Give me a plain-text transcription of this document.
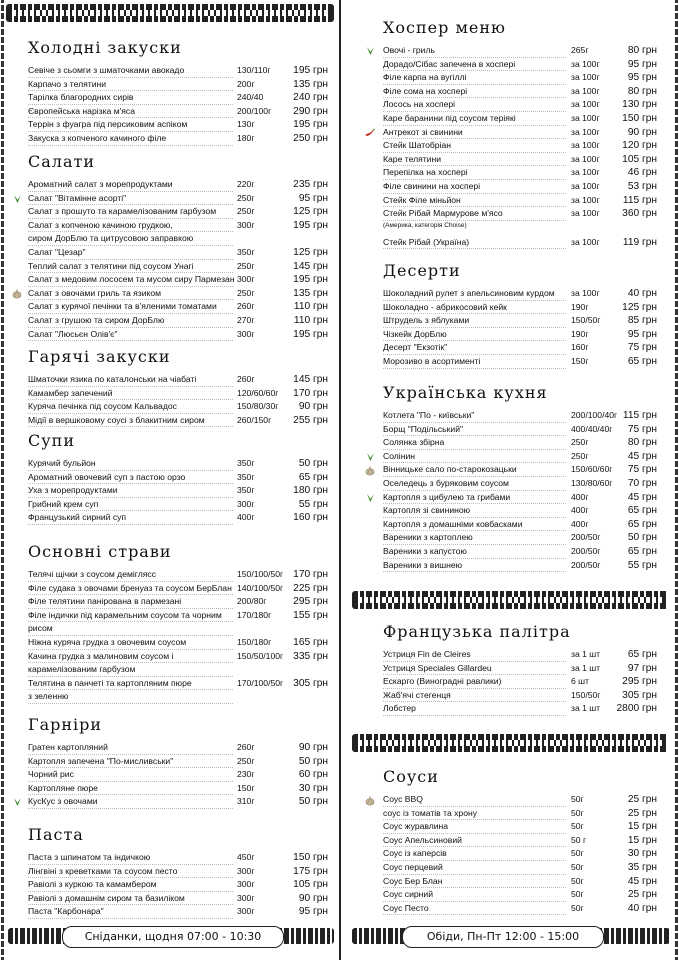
Холодні закуски
Севіче з сьомги з шматочками авокадо	130/110г 195 грн
Карпачо з телятини	200г	135 грн
Тарілка благородних сирів	240/40	240 грн
Європейська нарізка м'яса	200/100г 290 грн
Террін з фуагра під персиковим аспіком	130г	195 грн
Закуска з копченого качиного філе	180г	250 грн
Салати
Ароматний салат з морепродуктами	220г	235 грн
Салат "Вітамінне асорті"	250г	95 грн
Салат з прошуто та карамелізованим гарбузом	250г	125 грн
Салат з копченою качиною грудкою,	300г	195 грн
сиром ДорБлю та цитрусовою заправкою
Салат "Цезар"	350г	125 грн
Теплий салат з телятини під соусом Унагі	250г	145 грн
Салат з медовим лососем та мусом сиру Пармезан 300г	195 грн
Салат з овочами гриль та язиком	250г	135 грн
Салат з курячої печінки та в'яленими томатами	260г	110 грн
Салат з грушою та сиром ДорБлю	270г	110 грн
Салат "Люсьєн Олів'є"	300г	195 грн
Гарячі закуски
Шматочки язика по каталонськи на чіабаті	260г	145 грн
Камамбер запечений	120/60/60г 170 грн
Куряча печінка під соусом Кальвадос	150/80/30г 90 грн
Мідії в вершковому соусі з блакитним сиром	260/150г 255 грн
Супи
Курячий бульйон	350г	50 грн
Ароматний овочевий суп з пастою орзо	350г	65 грн
Уха з морепродуктами	350г	180 грн
Грибний крем суп	300г	55 грн
Французький сирний суп	400г	160 грн
Основні страви
Телячі щічки з соусом деміглясс	150/100/50г 170 грн
Філе судака з овочами бренуаз та соусом БерБлан 140/100/50г 225 грн
Філе телятини панірована в пармезані	200/80г	295 грн
Філе індички під карамельним соусом та чорним	170/180г 155 грн
рисом
Ніжна куряча грудка з овочевим соусом	150/180г 165 грн
Качина грудка з малиновим соусом і	150/50/100г 335 грн
карамелізованим гарбузом
Телятина в панчеті та картопляним пюре	170/100/50г 305 грн
з зеленню
Гарніри
Гратен картопляний	260г	90 грн
Картопля запечена "По-мисливськи"	250г	50 грн
Чорний рис	230г	60 грн
Картопляне пюре	150г	30 грн
КусКус з овочами	310г	50 грн
Паста
Паста з шпинатом та індичкою	450г	150 грн
Лінгвіні з креветками та соусом песто	300г	175 грн
Равіолі з куркою та камамбером	300г	105 грн
Равіолі з домашнім сиром та базиліком	300г	90 грн
Паста "Карбонара"	300г	95 грн
Хоспер меню
Овочі - гриль	265г	80 грн
Дорадо/Сібас запечена в хоспері	за 100г	95 грн
Філе карпа на вугіллі	за 100г	95 грн
Філе сома на хоспері	за 100г	80 грн
Лосось на хоспері	за 100г 130 грн
Каре баранини під соусом теріякі	за 100г 150 грн
Антрекот зі свинини	за 100г	90 грн
Стейк Шатобріан	за 100г 120 грн
Каре телятини	за 100г 105 грн
Перепілка на хоспері	за 100г	46 грн
Філе свинини на хоспері	за 100г	53 грн
Стейк Філе міньйон	за 100г 115 грн
Стейк Рібай Мармурове м'ясо	за 100г 360 грн
(Америка, категорія Choise)
Стейк Рібай (Україна)	за 100г 119 грн
Десерти
Шоколадний рулет з апельсиновим курдом	за 100г	40 грн
Шоколадно - абрикосовий кейк	190г	125 грн
Штрудель з яблуками	150/50г	85 грн
Чізкейк ДорБлю	190г	95 грн
Десерт "Екзотік"	160г	75 грн
Морозиво в асортименті	150г	65 грн
Українська кухня
Котлета "По - київськи"	200/100/40г 115 грн
Борщ "Подільський"	400/40/40г 75 грн
Солянка збірна	250г	80 грн
Солінин	250г	45 грн
Вінницьке сало по-старокозацьки	150/60/60г 75 грн
Оселедець з буряковим соусом	130/80/60г 70 грн
Картопля з цибулею та грибами	400г	45 грн
Картопля зі свининою	400г	65 грн
Картопля з домашніми ковбасками	400г	65 грн
Вареники з картоплею	200/50г	50 грн
Вареники з капустою	200/50г	65 грн
Вареники з вишнею	200/50г	55 грн
Французька палітра
Устриця Fin de Cleires	за 1 шт	65 грн
Устриця Speciales Gillardeu	за 1 шт	97 грн
Ескарго (Виноградні равлики)	6 шт	295 грн
Жаб'ячі стегенця	150/50г 305 грн
Лобстер	за 1 шт 2800 грн
Соуси
Соус BBQ	50г	25 грн
соус із томатів та хрону	50г	25 грн
Соус журавлина	50г	15 грн
Соус Апельсиновий	50 г	15 грн
Соус із каперсів	50г	30 грн
Соус перцевий	50г	35 грн
Соус Бер Блан	50г	45 грн
Соус сирний	50г	25 грн
Соус Песто	50г	40 грн
Сніданки, щодня 07:00 - 10:30	Обіди, Пн-Пт 12:00 - 15:00
